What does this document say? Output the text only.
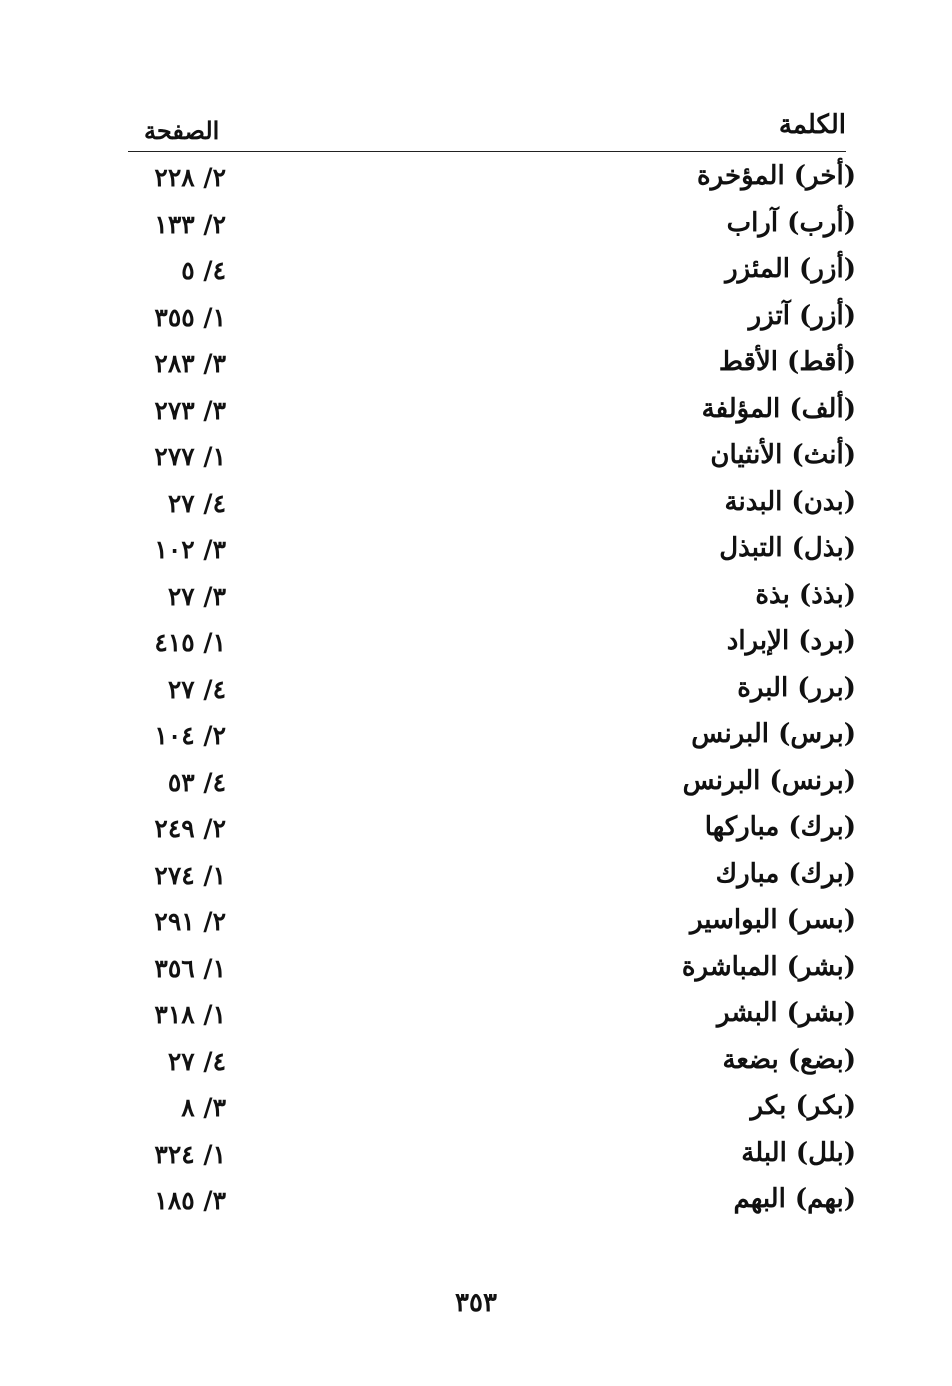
الكلمة
الصفحة
(أخر) المؤخرة
٢/ ٢٢٨
(أرب) آراب
٢/ ١٣٣
(أزر) المئزر
٤/ ٥
(أزر) آتزر
١/ ٣٥٥
(أقط) الأقط
٣/ ٢٨٣
(ألف) المؤلفة
٣/ ٢٧٣
(أنث) الأنثيان
١/ ٢٧٧
(بدن) البدنة
٤/ ٢٧
(بذل) التبذل
٣/ ١٠٢
(بذذ) بذة
٣/ ٢٧
(برد) الإبراد
١/ ٤١٥
(برر) البرة
٤/ ٢٧
(برس) البرنس
٢/ ١٠٤
(برنس) البرنس
٤/ ٥٣
(برك) مباركها
٢/ ٢٤٩
(برك) مبارك
١/ ٢٧٤
(بسر) البواسير
٢/ ٢٩١
(بشر) المباشرة
١/ ٣٥٦
(بشر) البشر
١/ ٣١٨
(بضع) بضعة
٤/ ٢٧
(بكر) بكر
٣/ ٨
(بلل) البلة
١/ ٣٢٤
(بهم) البهم
٣/ ١٨٥
٣٥٣
